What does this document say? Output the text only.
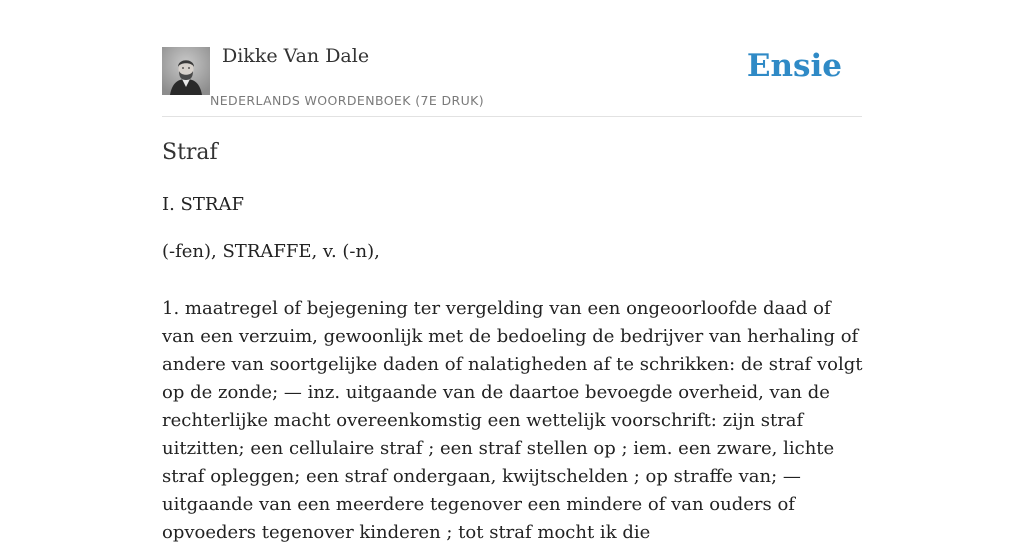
Dikke Van Dale
NEDERLANDS WOORDENBOEK (7E DRUK)
Ensie
Straf
I. STRAF
(-fen), STRAFFE, v. (-n),

1. maatregel of bejegening ter vergelding van een ongeoorloofde daad of van een verzuim, gewoonlijk met de bedoeling de bedrijver van herhaling of andere van soortgelijke daden of nalatigheden af te schrikken: de straf volgt op de zonde; — inz. uitgaande van de daartoe bevoegde overheid, van de rechterlijke macht overeenkomstig een wettelijk voorschrift: zijn straf uitzitten; een cellulaire straf ; een straf stellen op ; iem. een zware, lichte straf opleggen; een straf ondergaan, kwijtschelden ; op straffe van; — uitgaande van een meerdere tegenover een mindere of van ouders of opvoeders tegenover kinderen ; tot straf mocht ik die
